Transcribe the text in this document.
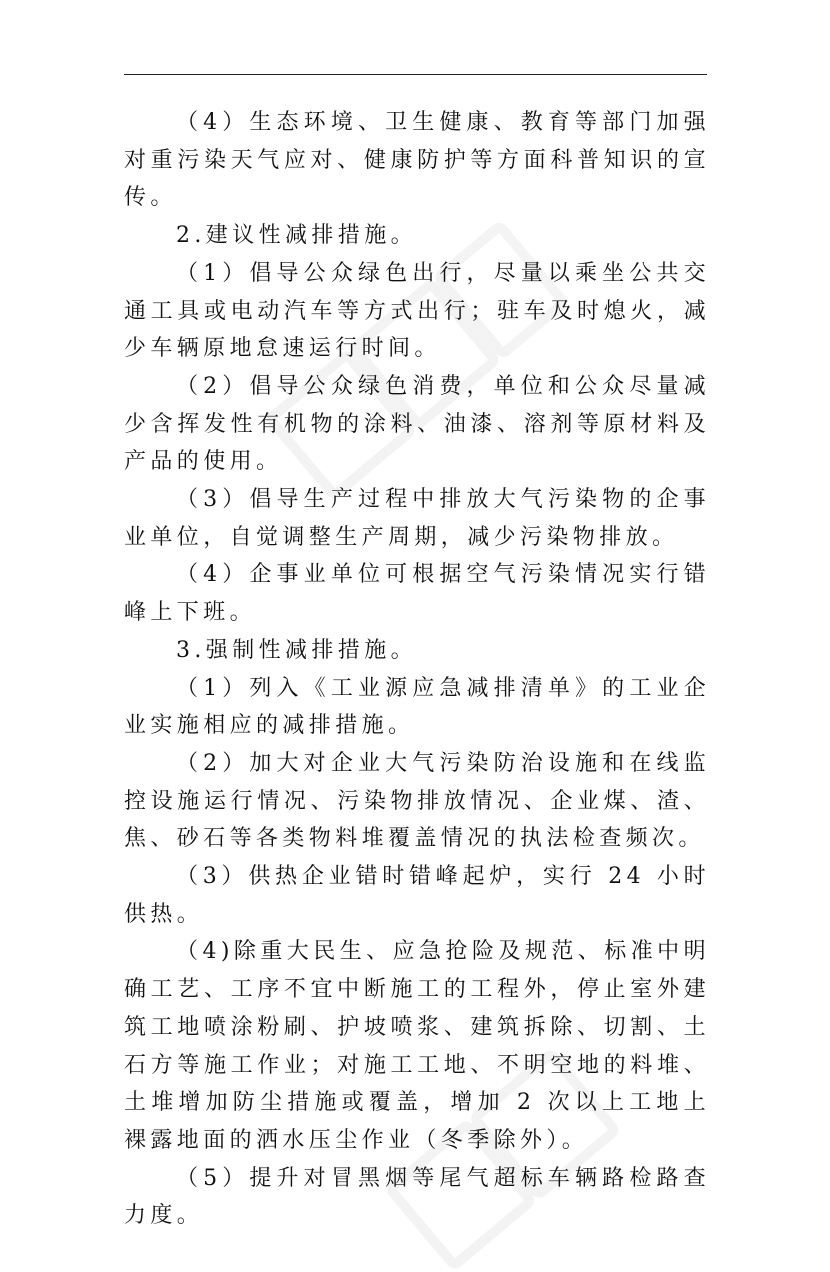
（4）生态环境、卫生健康、教育等部门加强对重污染天气应对、健康防护等方面科普知识的宣传。

2.建议性减排措施。

（1）倡导公众绿色出行，尽量以乘坐公共交通工具或电动汽车等方式出行；驻车及时熄火，减少车辆原地怠速运行时间。

（2）倡导公众绿色消费，单位和公众尽量减少含挥发性有机物的涂料、油漆、溶剂等原材料及产品的使用。

（3）倡导生产过程中排放大气污染物的企事业单位，自觉调整生产周期，减少污染物排放。

（4）企事业单位可根据空气污染情况实行错峰上下班。

3.强制性减排措施。

（1）列入《工业源应急减排清单》的工业企业实施相应的减排措施。

（2）加大对企业大气污染防治设施和在线监控设施运行情况、污染物排放情况、企业煤、渣、焦、砂石等各类物料堆覆盖情况的执法检查频次。

（3）供热企业错时错峰起炉，实行 24 小时供热。

（4)除重大民生、应急抢险及规范、标准中明确工艺、工序不宜中断施工的工程外，停止室外建筑工地喷涂粉刷、护坡喷浆、建筑拆除、切割、土石方等施工作业；对施工工地、不明空地的料堆、土堆增加防尘措施或覆盖，增加 2 次以上工地上裸露地面的洒水压尘作业（冬季除外）。

（5）提升对冒黑烟等尾气超标车辆路检路查力度。
